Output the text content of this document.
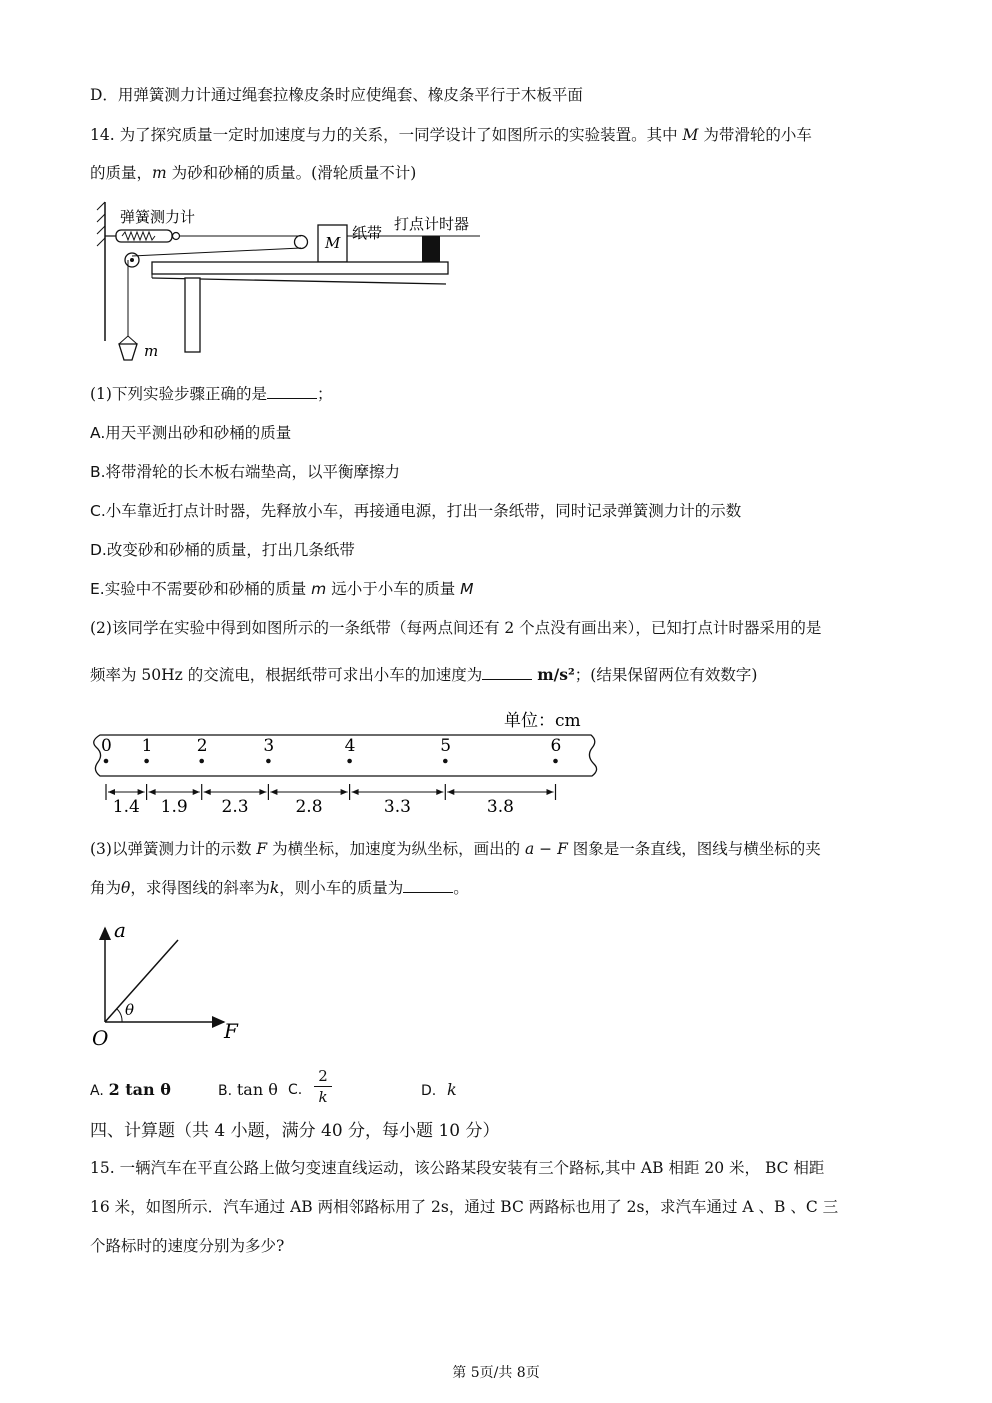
D．用弹簧测力计通过绳套拉橡皮条时应使绳套、橡皮条平行于木板平面
14. 为了探究质量一定时加速度与力的关系，一同学设计了如图所示的实验装置。其中 M 为带滑轮的小车
的质量，m 为砂和砂桶的质量。(滑轮质量不计)
弹簧测力计
M
纸带 打点计时器
m
(1)下列实验步骤正确的是	；
A.用天平测出砂和砂桶的质量
B.将带滑轮的长木板右端垫高，以平衡摩擦力
C.小车靠近打点计时器，先释放小车，再接通电源，打出一条纸带，同时记录弹簧测力计的示数
D.改变砂和砂桶的质量，打出几条纸带
E.实验中不需要砂和砂桶的质量 m 远小于小车的质量 M
(2)该同学在实验中得到如图所示的一条纸带（每两点间还有 2 个点没有画出来），已知打点计时器采用的是
频率为 50Hz 的交流电，根据纸带可求出小车的加速度为	m/s²；(结果保留两位有效数字)
单位：cm
0 1	2	3	4	5	6
1.4 1.9 2.3	2.8	3.3	3.8
(3)以弹簧测力计的示数 F 为横坐标，加速度为纵坐标，画出的 a − F 图象是一条直线，图线与横坐标的夹
角为θ，求得图线的斜率为k，则小车的质量为	。
a
F
O
θ
A. 2 tan θ	B. tan θ C.
2
k	D. k
四、计算题（共 4 小题，满分 40 分，每小题 10 分）
15. 一辆汽车在平直公路上做匀变速直线运动，该公路某段安装有三个路标,其中 AB 相距 20 米， BC 相距
16 米，如图所示．汽车通过 AB 两相邻路标用了 2s，通过 BC 两路标也用了 2s，求汽车通过 A 、B 、C 三
个路标时的速度分别为多少?
第 5页/共 8页
